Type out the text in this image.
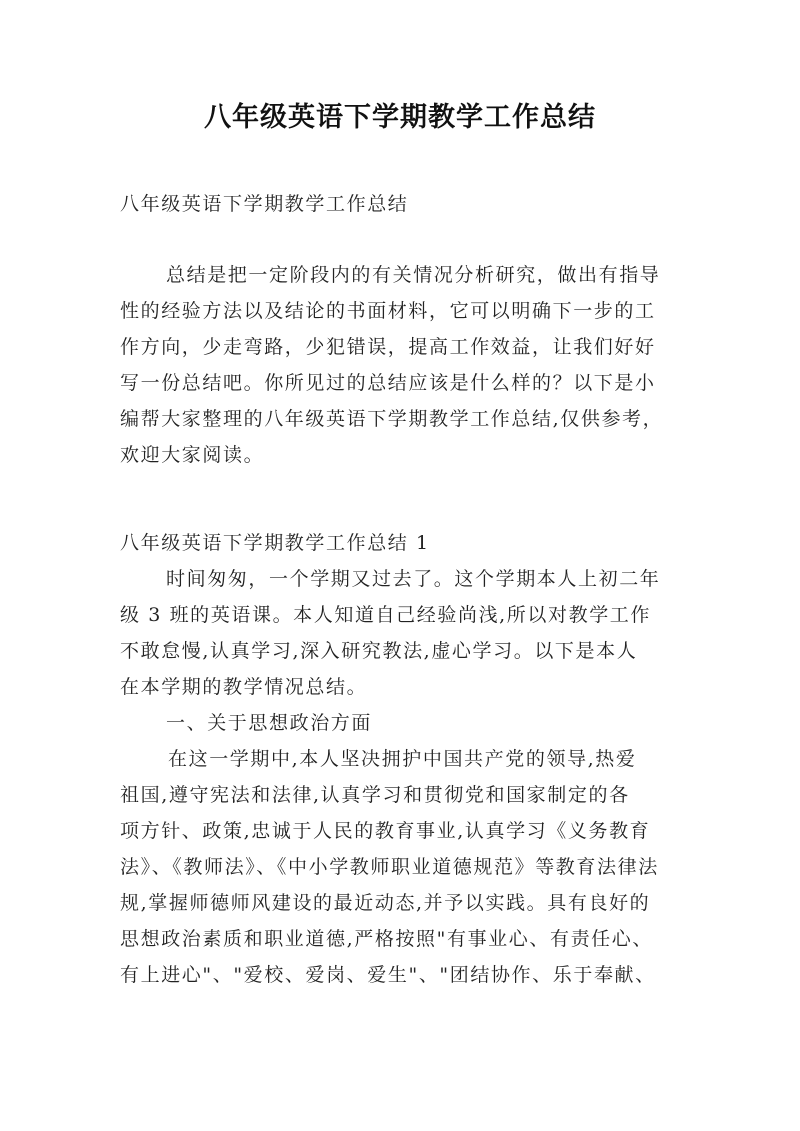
八年级英语下学期教学工作总结
八年级英语下学期教学工作总结
总结是把一定阶段内的有关情况分析研究，做出有指导
性的经验方法以及结论的书面材料，它可以明确下一步的工
作方向，少走弯路，少犯错误，提高工作效益，让我们好好
写一份总结吧。你所见过的总结应该是什么样的？以下是小
编帮大家整理的八年级英语下学期教学工作总结,仅供参考，
欢迎大家阅读。
八年级英语下学期教学工作总结 1
时间匆匆，一个学期又过去了。这个学期本人上初二年
级 3 班的英语课。本人知道自己经验尚浅,所以对教学工作
不敢怠慢,认真学习,深入研究教法,虚心学习。以下是本人
在本学期的教学情况总结。
一、关于思想政治方面
在这一学期中,本人坚决拥护中国共产党的领导,热爱
祖国,遵守宪法和法律,认真学习和贯彻党和国家制定的各
项方针、政策,忠诚于人民的教育事业,认真学习《义务教育
法》、《教师法》、《中小学教师职业道德规范》等教育法律法
规,掌握师德师风建设的最近动态,并予以实践。具有良好的
思想政治素质和职业道德,严格按照"有事业心、有责任心、
有上进心"、"爱校、爱岗、爱生"、"团结协作、乐于奉献、
